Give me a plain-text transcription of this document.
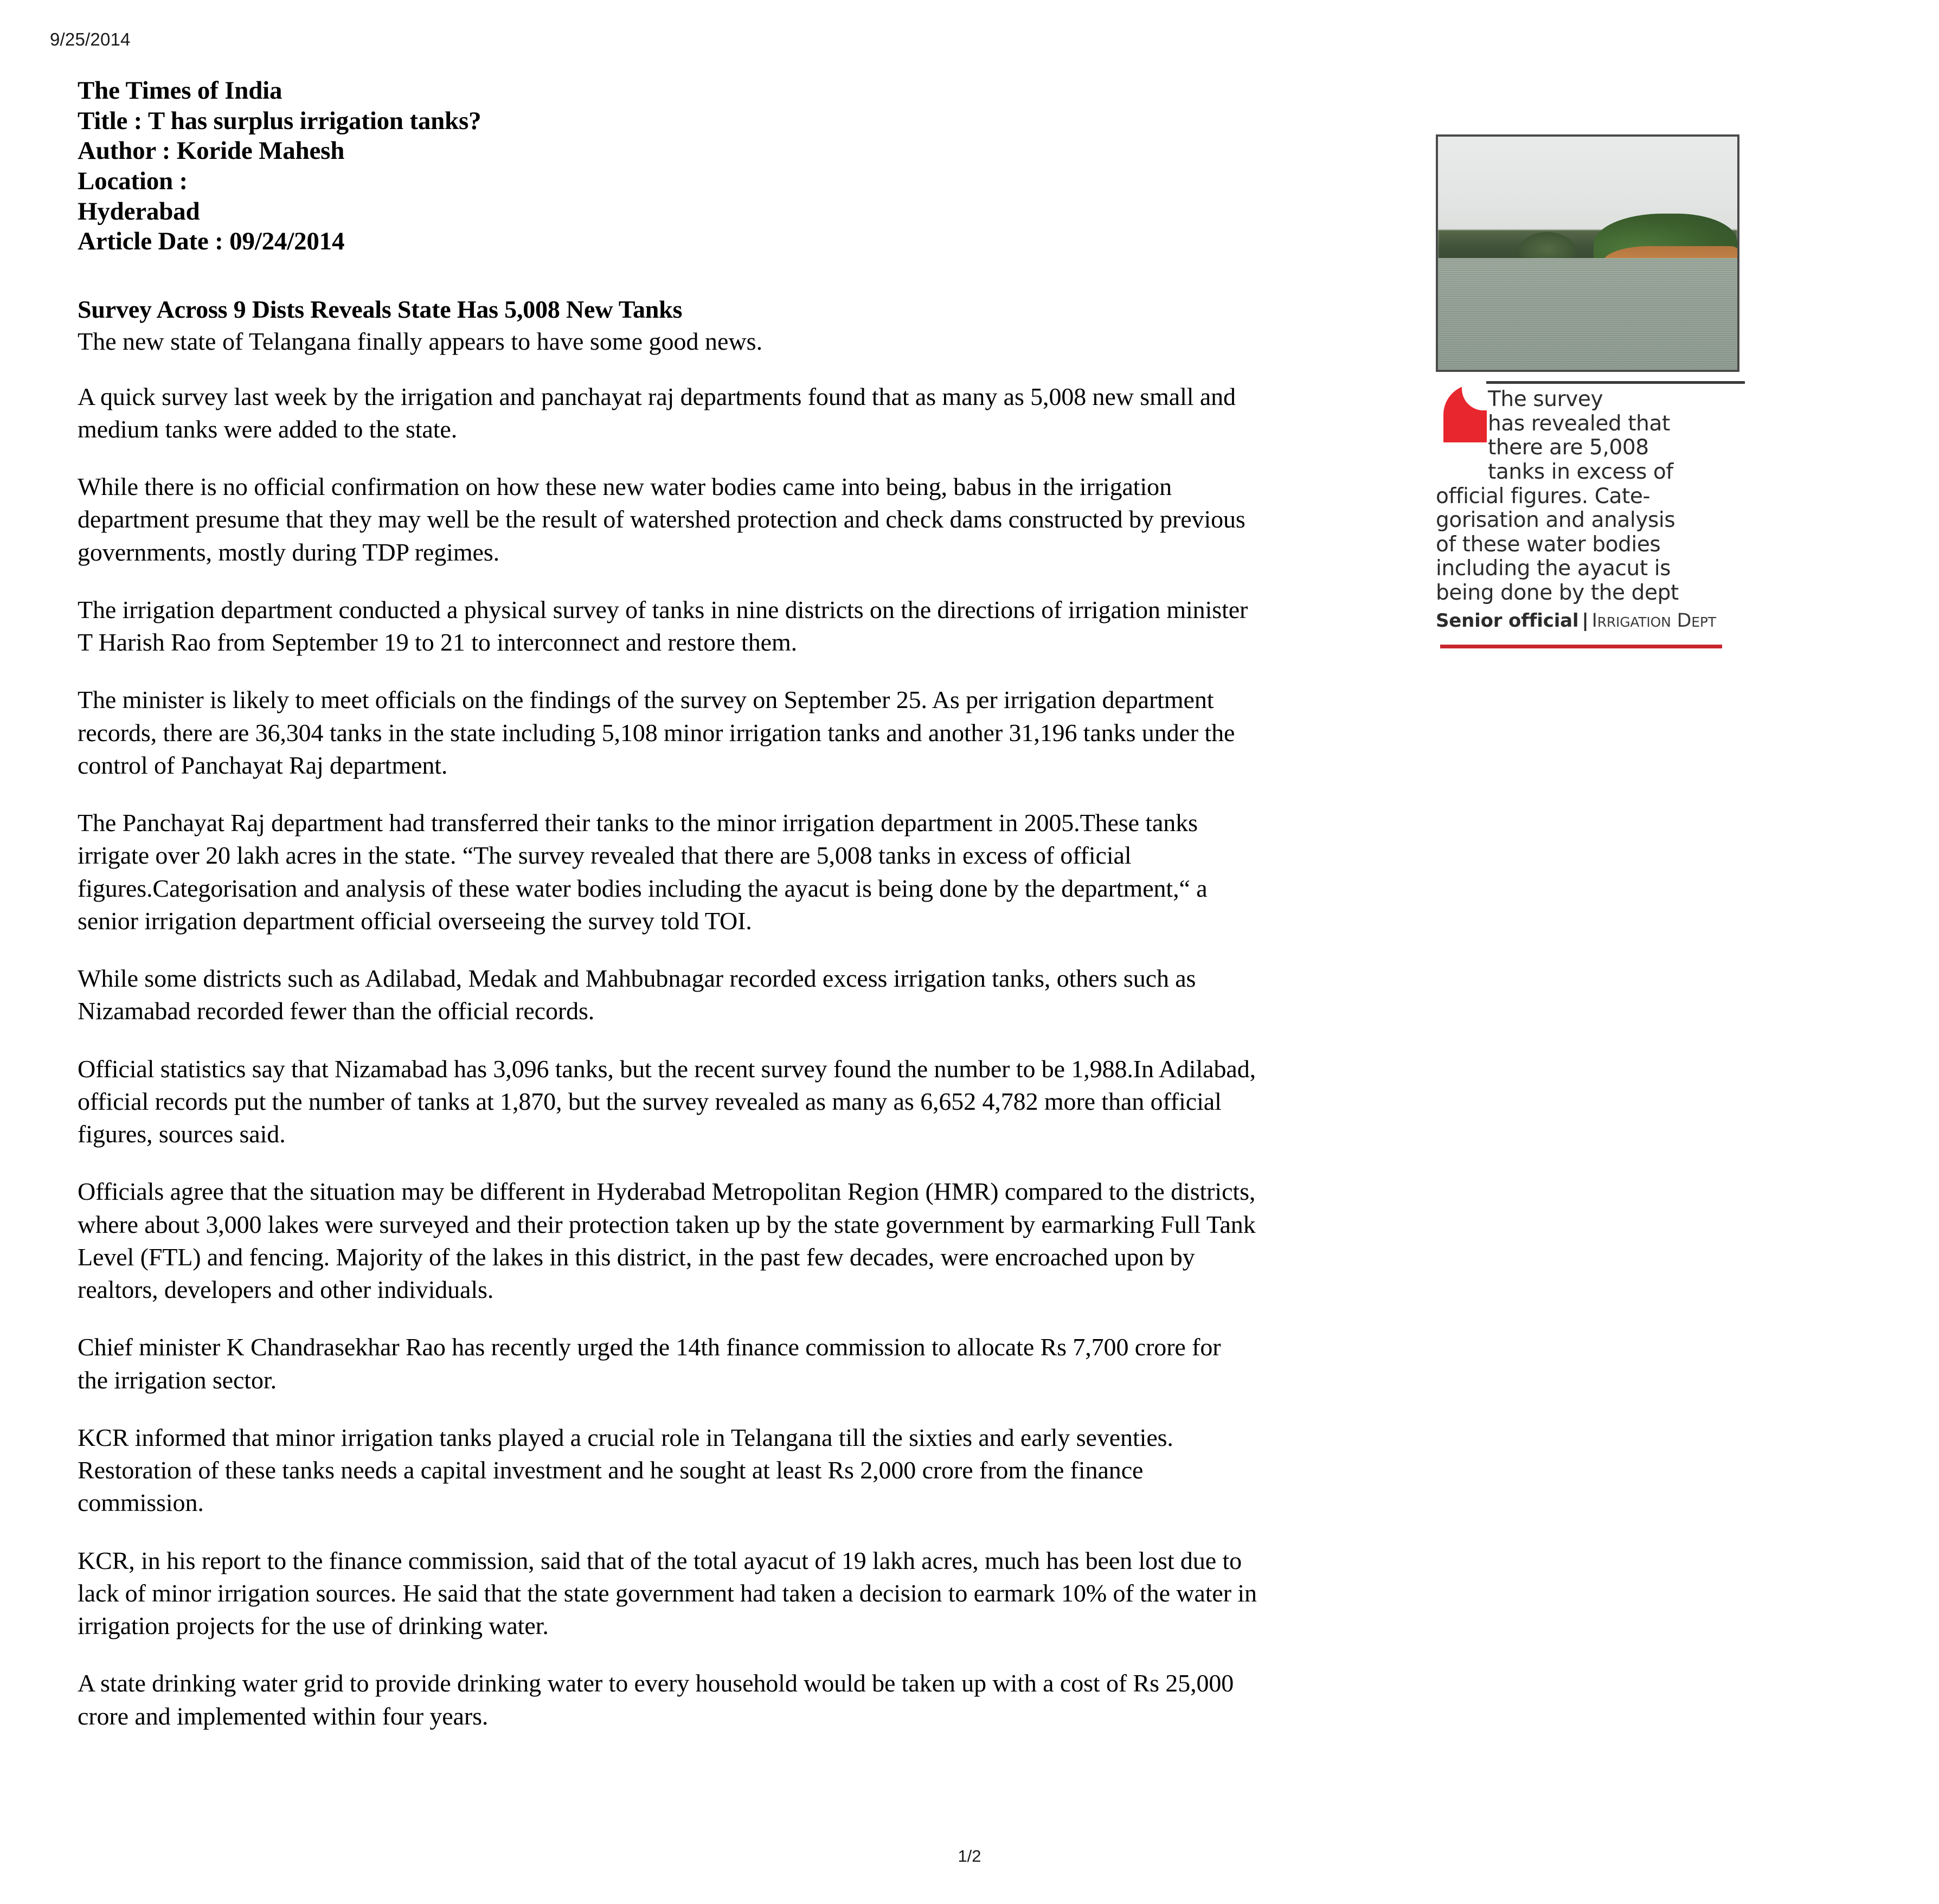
9/25/2014
The Times of India
Title : T has surplus irrigation tanks?
Author : Koride Mahesh
Location :
Hyderabad
Article Date : 09/24/2014
Survey Across 9 Dists Reveals State Has 5,008 New Tanks
The new state of Telangana finally appears to have some good news.

A quick survey last week by the irrigation and panchayat raj departments found that as many as 5,008 new small and medium tanks were added to the state.

While there is no official confirmation on how these new water bodies came into being, babus in the irrigation department presume that they may well be the result of watershed protection and check dams constructed by previous governments, mostly during TDP regimes.

The irrigation department conducted a physical survey of tanks in nine districts on the directions of irrigation minister T Harish Rao from September 19 to 21 to interconnect and restore them.

The minister is likely to meet officials on the findings of the survey on September 25. As per irrigation department records, there are 36,304 tanks in the state including 5,108 minor irrigation tanks and another 31,196 tanks under the control of Panchayat Raj department.

The Panchayat Raj department had transferred their tanks to the minor irrigation department in 2005.These tanks irrigate over 20 lakh acres in the state. “The survey revealed that there are 5,008 tanks in excess of official figures.Categorisation and analysis of these water bodies including the ayacut is being done by the department,“ a senior irrigation department official overseeing the survey told TOI.

While some districts such as Adilabad, Medak and Mahbubnagar recorded excess irrigation tanks, others such as Nizamabad recorded fewer than the official records.

Official statistics say that Nizamabad has 3,096 tanks, but the recent survey found the number to be 1,988.In Adilabad, official records put the number of tanks at 1,870, but the survey revealed as many as 6,652 4,782 more than official figures, sources said.

Officials agree that the situation may be different in Hyderabad Metropolitan Region (HMR) compared to the districts, where about 3,000 lakes were surveyed and their protection taken up by the state government by earmarking Full Tank Level (FTL) and fencing. Majority of the lakes in this district, in the past few decades, were encroached upon by realtors, developers and other individuals.

Chief minister K Chandrasekhar Rao has recently urged the 14th finance commission to allocate Rs 7,700 crore for the irrigation sector.

KCR informed that minor irrigation tanks played a crucial role in Telangana till the sixties and early seventies. Restoration of these tanks needs a capital investment and he sought at least Rs 2,000 crore from the finance commission.

KCR, in his report to the finance commission, said that of the total ayacut of 19 lakh acres, much has been lost due to lack of minor irrigation sources. He said that the state government had taken a decision to earmark 10% of the water in irrigation projects for the use of drinking water.

A state drinking water grid to provide drinking water to every household would be taken up with a cost of Rs 25,000 crore and implemented within four years.

The survey
has revealed that
there are 5,008
tanks in excess of
official figures. Cate-
gorisation and analysis
of these water bodies
including the ayacut is
being done by the dept
Senior official | Irrigation Dept
1/2
